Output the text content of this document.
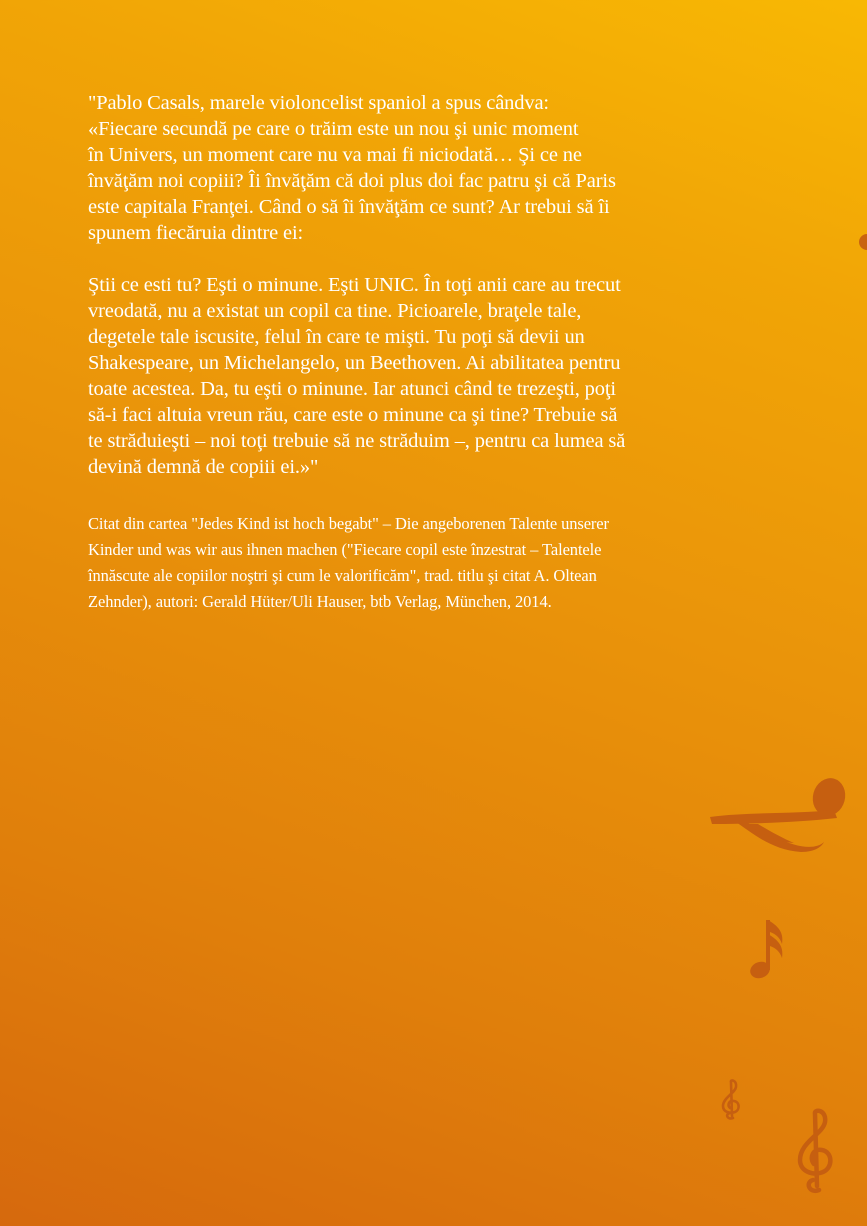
"Pablo Casals, marele violoncelist spaniol a spus cândva:
«Fiecare secundă pe care o trăim este un nou şi unic moment
în Univers, un moment care nu va mai fi niciodată… Şi ce ne
învăţăm noi copiii? Îi învăţăm că doi plus doi fac patru şi că Paris
este capitala Franţei. Când o să îi învăţăm ce sunt? Ar trebui să îi
spunem fiecăruia dintre ei:

Ştii ce esti tu? Eşti o minune. Eşti UNIC. În toţi anii care au trecut
vreodată, nu a existat un copil ca tine. Picioarele, braţele tale,
degetele tale iscusite, felul în care te mişti. Tu poţi să devii un
Shakespeare, un Michelangelo, un Beethoven. Ai abilitatea pentru
toate acestea. Da, tu eşti o minune. Iar atunci când te trezeşti, poţi
să-i faci altuia vreun rău, care este o minune ca şi tine? Trebuie să
te străduieşti – noi toţi trebuie să ne străduim –, pentru ca lumea să
devină demnă de copiii ei.»"

Citat din cartea "Jedes Kind ist hoch begabt" – Die angeborenen Talente unserer
Kinder und was wir aus ihnen machen ("Fiecare copil este înzestrat – Talentele
înnăscute ale copiilor noştri şi cum le valorificăm", trad. titlu şi citat A. Oltean
Zehnder), autori: Gerald Hüter/Uli Hauser, btb Verlag, München, 2014.
